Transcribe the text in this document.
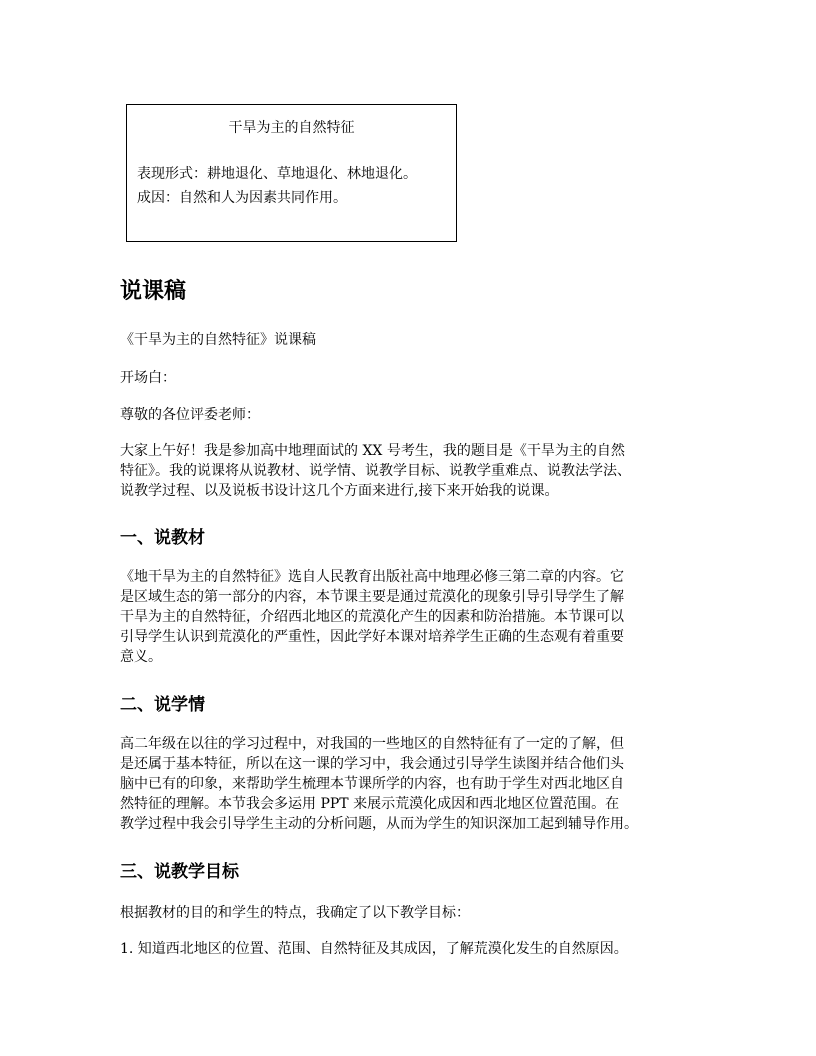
干旱为主的自然特征
表现形式：耕地退化、草地退化、林地退化。
成因：自然和人为因素共同作用。
说课稿
《干旱为主的自然特征》说课稿
开场白：
尊敬的各位评委老师：
大家上午好！我是参加高中地理面试的 XX 号考生，我的题目是《干旱为主的自然
特征》。我的说课将从说教材、说学情、说教学目标、说教学重难点、说教法学法、
说教学过程、以及说板书设计这几个方面来进行,接下来开始我的说课。
一、说教材
《地干旱为主的自然特征》选自人民教育出版社高中地理必修三第二章的内容。它
是区域生态的第一部分的内容，本节课主要是通过荒漠化的现象引导引导学生了解
干旱为主的自然特征，介绍西北地区的荒漠化产生的因素和防治措施。本节课可以
引导学生认识到荒漠化的严重性，因此学好本课对培养学生正确的生态观有着重要
意义。
二、说学情
高二年级在以往的学习过程中，对我国的一些地区的自然特征有了一定的了解，但
是还属于基本特征，所以在这一课的学习中，我会通过引导学生读图并结合他们头
脑中已有的印象，来帮助学生梳理本节课所学的内容，也有助于学生对西北地区自
然特征的理解。本节我会多运用 PPT 来展示荒漠化成因和西北地区位置范围。在
教学过程中我会引导学生主动的分析问题，从而为学生的知识深加工起到辅导作用。
三、说教学目标
根据教材的目的和学生的特点，我确定了以下教学目标：
1. 知道西北地区的位置、范围、自然特征及其成因，了解荒漠化发生的自然原因。
